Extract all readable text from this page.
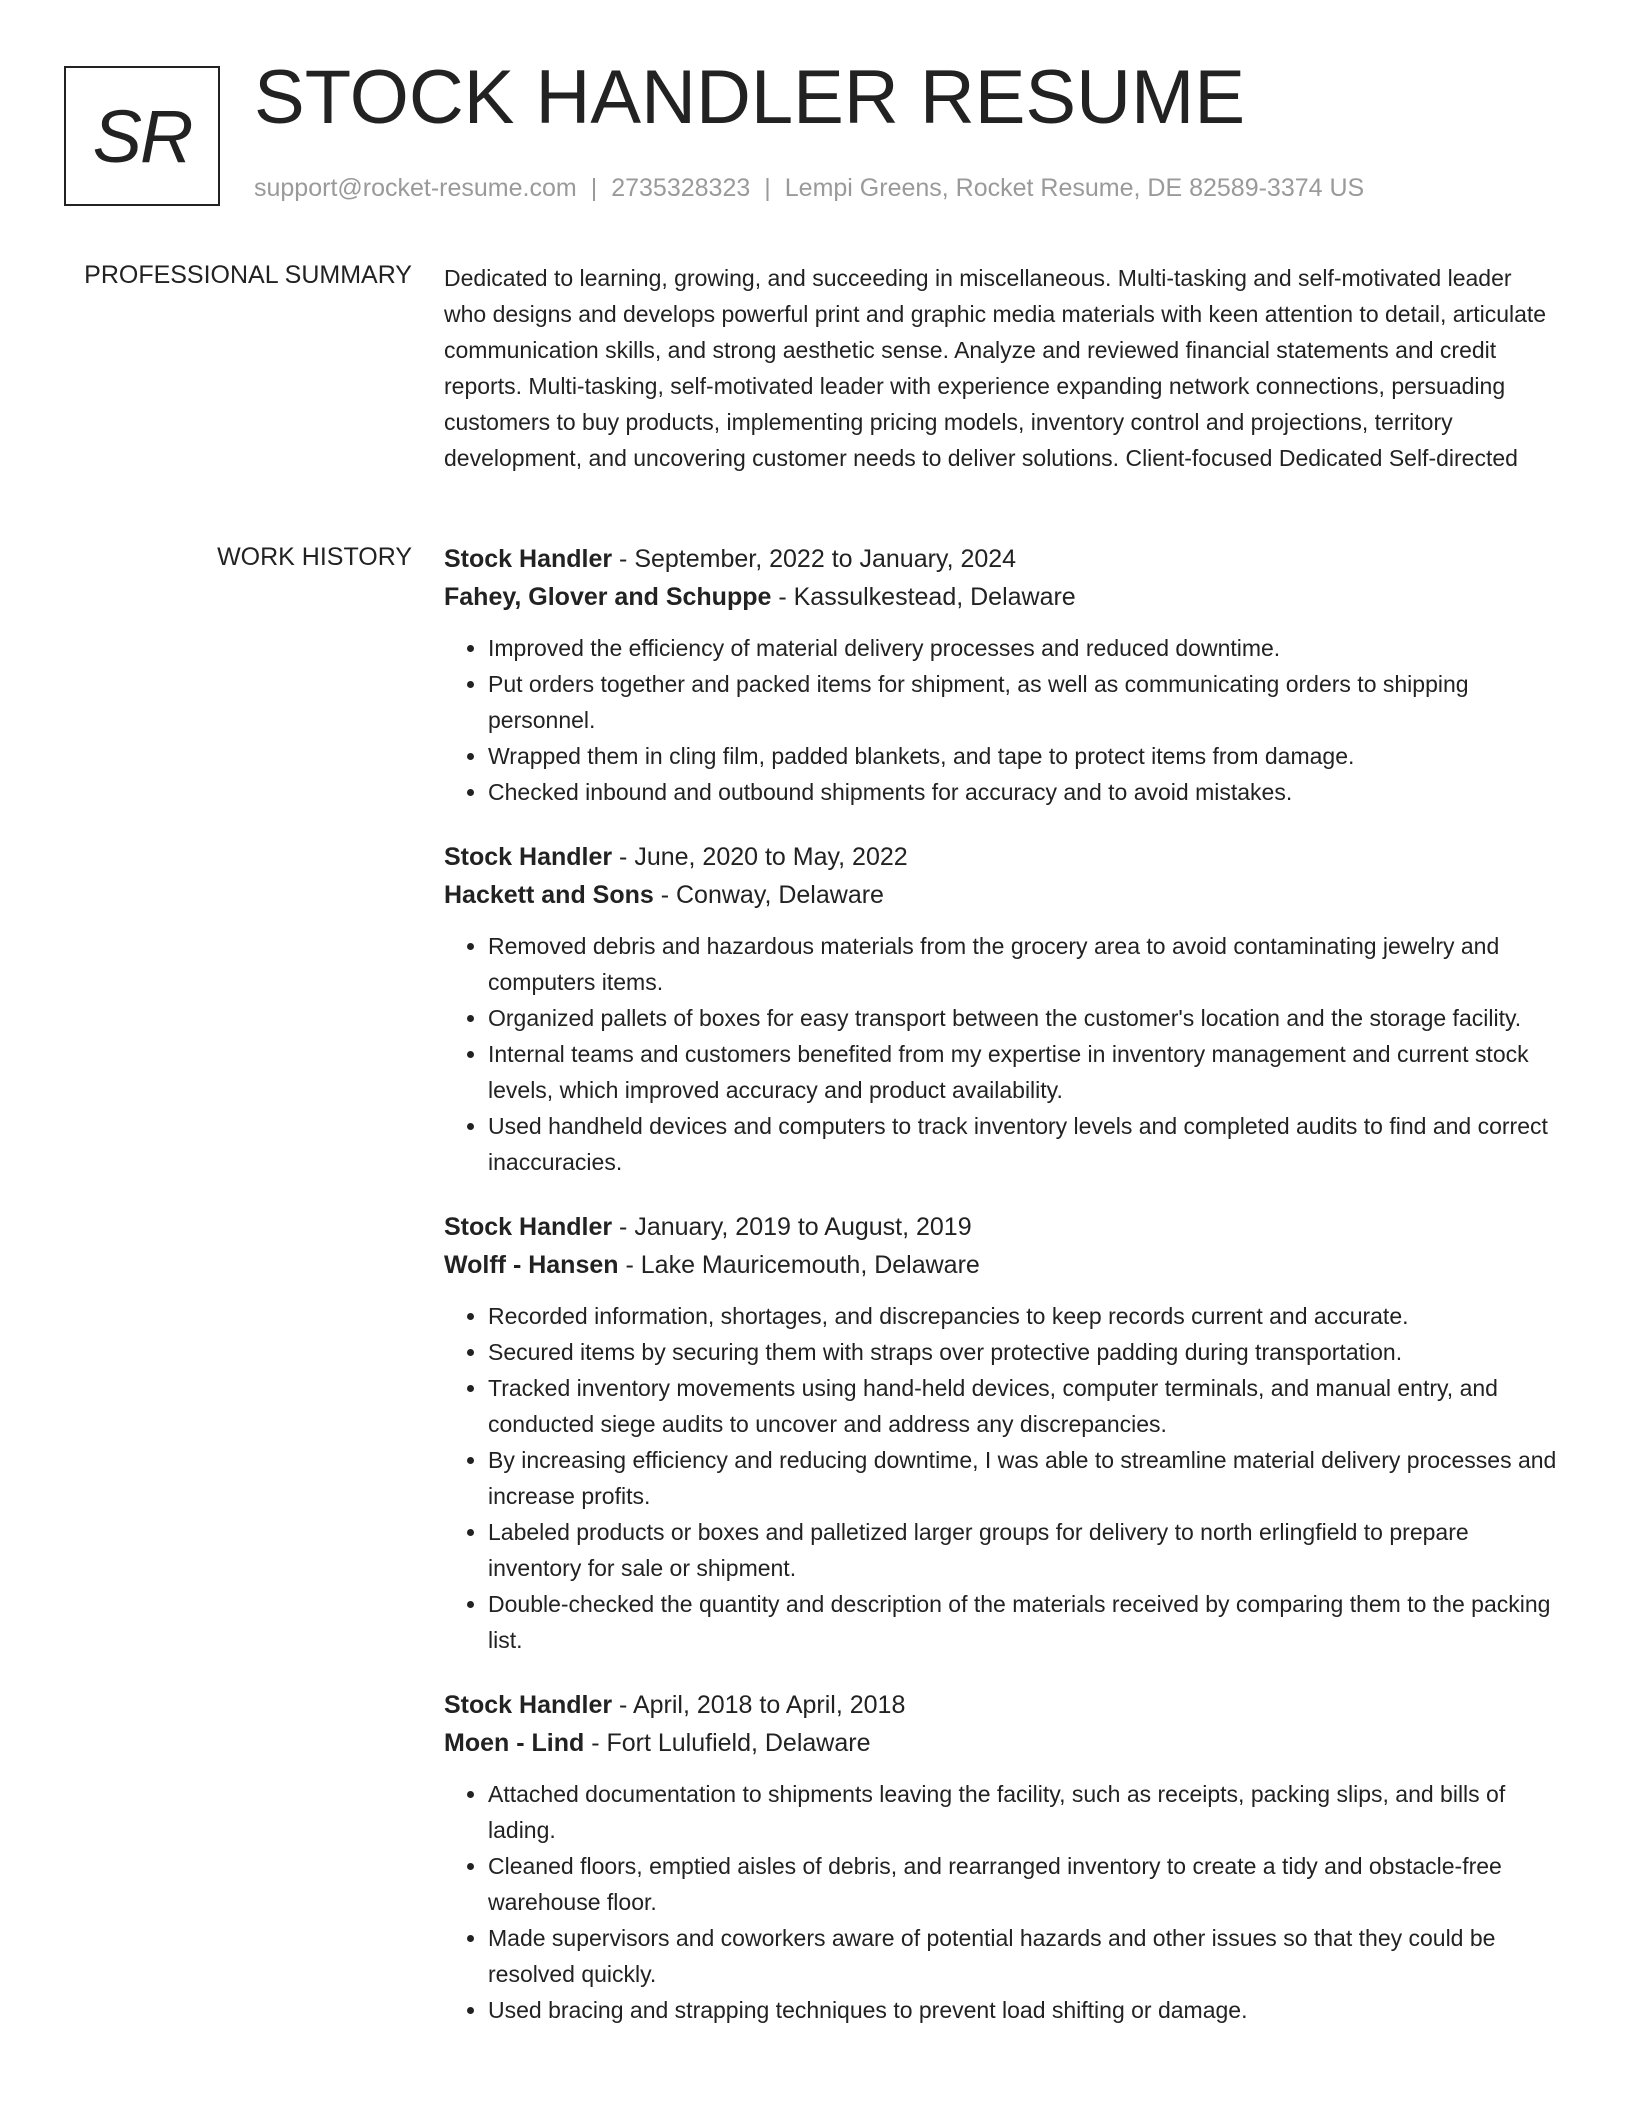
SR STOCK HANDLER RESUME
support@rocket-resume.com | 2735328323 | Lempi Greens, Rocket Resume, DE 82589-3374 US
PROFESSIONAL SUMMARY Dedicated to learning, growing, and succeeding in miscellaneous. Multi-tasking and self-motivated leader who designs and develops powerful print and graphic media materials with keen attention to detail, articulate communication skills, and strong aesthetic sense. Analyze and reviewed financial statements and credit reports. Multi-tasking, self-motivated leader with experience expanding network connections, persuading customers to buy products, implementing pricing models, inventory control and projections, territory development, and uncovering customer needs to deliver solutions. Client-focused Dedicated Self-directed
WORK HISTORY Stock Handler - September, 2022 to January, 2024
Fahey, Glover and Schuppe - Kassulkestead, Delaware
• Improved the efficiency of material delivery processes and reduced downtime.
• Put orders together and packed items for shipment, as well as communicating orders to shipping personnel.
• Wrapped them in cling film, padded blankets, and tape to protect items from damage.
• Checked inbound and outbound shipments for accuracy and to avoid mistakes.
Stock Handler - June, 2020 to May, 2022
Hackett and Sons - Conway, Delaware
• Removed debris and hazardous materials from the grocery area to avoid contaminating jewelry and computers items.
• Organized pallets of boxes for easy transport between the customer's location and the storage facility.
• Internal teams and customers benefited from my expertise in inventory management and current stock levels, which improved accuracy and product availability.
• Used handheld devices and computers to track inventory levels and completed audits to find and correct inaccuracies.
Stock Handler - January, 2019 to August, 2019
Wolff - Hansen - Lake Mauricemouth, Delaware
• Recorded information, shortages, and discrepancies to keep records current and accurate.
• Secured items by securing them with straps over protective padding during transportation.
• Tracked inventory movements using hand-held devices, computer terminals, and manual entry, and conducted siege audits to uncover and address any discrepancies.
• By increasing efficiency and reducing downtime, I was able to streamline material delivery processes and increase profits.
• Labeled products or boxes and palletized larger groups for delivery to north erlingfield to prepare inventory for sale or shipment.
• Double-checked the quantity and description of the materials received by comparing them to the packing list.
Stock Handler - April, 2018 to April, 2018
Moen - Lind - Fort Lulufield, Delaware
• Attached documentation to shipments leaving the facility, such as receipts, packing slips, and bills of lading.
• Cleaned floors, emptied aisles of debris, and rearranged inventory to create a tidy and obstacle-free warehouse floor.
• Made supervisors and coworkers aware of potential hazards and other issues so that they could be resolved quickly.
• Used bracing and strapping techniques to prevent load shifting or damage.
